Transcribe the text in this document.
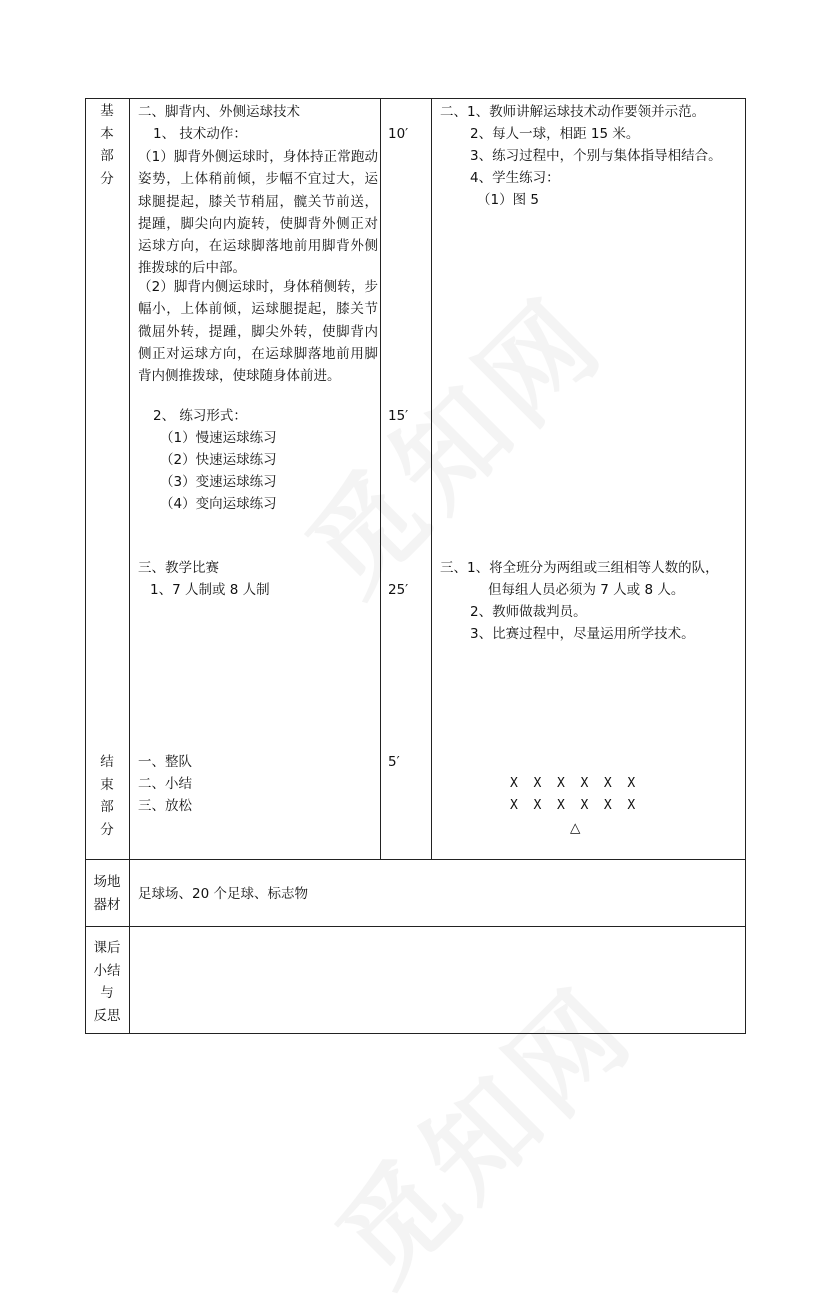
基
本
部
分
结
束
部
分
二、脚背内、外侧运球技术
1、 技术动作：
（1）脚背外侧运球时，身体持正常跑动姿势，上体稍前倾，步幅不宜过大，运球腿提起，膝关节稍屈，髋关节前送，提踵，脚尖向内旋转，使脚背外侧正对运球方向，在运球脚落地前用脚背外侧推拨球的后中部。
（2）脚背内侧运球时，身体稍侧转，步幅小，上体前倾，运球腿提起，膝关节微屈外转，提踵，脚尖外转，使脚背内侧正对运球方向，在运球脚落地前用脚背内侧推拨球，使球随身体前进。
2、 练习形式：
（1）慢速运球练习
（2）快速运球练习
（3）变速运球练习
（4）变向运球练习
三、教学比赛
1、7 人制或 8 人制
一、整队
二、小结
三、放松
10′
15′
25′
5′
二、1、教师讲解运球技术动作要领并示范。
2、每人一球，相距 15 米。
3、练习过程中，个别与集体指导相结合。
4、学生练习：
（1）图 5
三、1、将全班分为两组或三组相等人数的队，
但每组人员必须为 7 人或 8 人。
2、教师做裁判员。
3、比赛过程中，尽量运用所学技术。
X  X  X  X  X  X
X  X  X  X  X  X
△
场地
器材
足球场、20 个足球、标志物
课后
小结
与
反思
